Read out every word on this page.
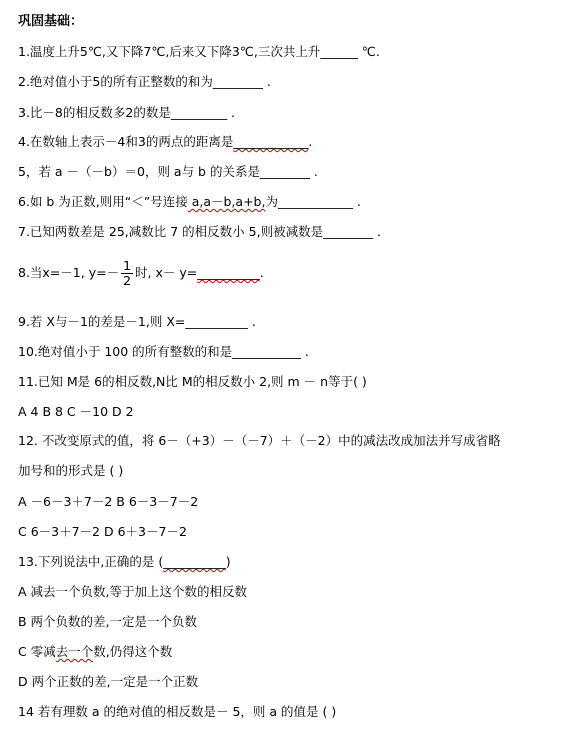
巩固基础：
1.温度上升5℃,又下降7℃,后来又下降3℃,三次共上升______ ℃.
2.绝对值小于5的所有正整数的和为________ .
3.比－8的相反数多2的数是_________ .
4.在数轴上表示－4和3的两点的距离是____________.
5，若 a －（－b）＝0，则 a与 b 的关系是________ .
6.如 b 为正数,则用“＜”号连接 a,a－b,a+b,为____________ .
7.已知两数差是 25,减数比 7 的相反数小 5,则被减数是________ .
8.当x=－1, $y=- \frac{1}{2}$ 时, x－ y=__________.
9.若 X与－1的差是－1,则 X=__________ .
10.绝对值小于 100 的所有整数的和是___________ .
11.已知 M是 6的相反数,N比 M的相反数小 2,则 m － n等于( )
A 4 B 8 C －10 D 2
12. 不改变原式的值，将 6－（+3）－（－7）＋（－2）中的减法改成加法并写成省略
加号和的形式是 ( )
A －6－3＋7－2 B 6－3－7－2
C 6－3＋7－2 D 6＋3－7－2
13.下列说法中,正确的是 (__________)
A 减去一个负数,等于加上这个数的相反数
B 两个负数的差,一定是一个负数
C 零减去一个数,仍得这个数
D 两个正数的差,一定是一个正数
14 若有理数 a 的绝对值的相反数是－ 5，则 a 的值是 ( )
